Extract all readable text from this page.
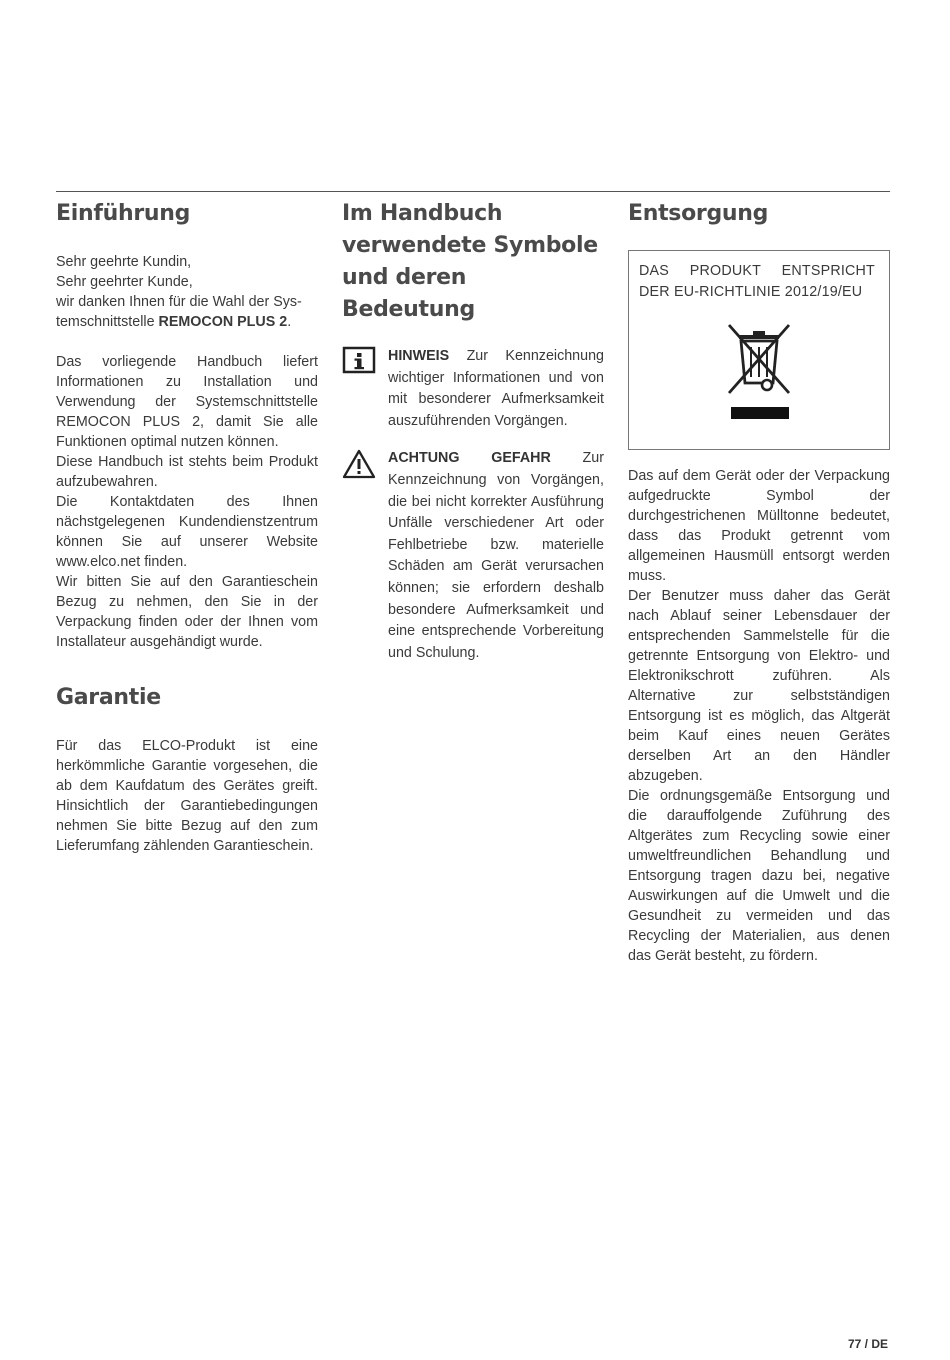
Einführung

Sehr geehrte Kundin,
Sehr geehrter Kunde,
wir danken Ihnen für die Wahl der Sys-temschnittstelle REMOCON PLUS 2.

Das vorliegende Handbuch liefert Informationen zu Installation und Verwendung der Systemschnittstelle REMOCON PLUS 2, damit Sie alle Funktionen optimal nutzen können.

Diese Handbuch ist stehts beim Produkt aufzubewahren.

Die Kontaktdaten des Ihnen nächstgelegenen Kundendienstzentrum können Sie auf unserer Website www.elco.net finden.

Wir bitten Sie auf den Garantieschein Bezug zu nehmen, den Sie in der Verpackung finden oder der Ihnen vom Installateur ausgehändigt wurde.

Garantie

Für das ELCO-Produkt ist eine herkömmliche Garantie vorgesehen, die ab dem Kaufdatum des Gerätes greift. Hinsichtlich der Garantiebedingungen nehmen Sie bitte Bezug auf den zum Lieferumfang zählenden Garantieschein.

Im Handbuch verwendete Symbole und deren Bedeutung
HINWEIS Zur Kennzeichnung wichtiger Informationen und von mit besonderer Aufmerksamkeit auszuführenden Vorgängen.
ACHTUNG GEFAHR Zur Kennzeichnung von Vorgängen, die bei nicht korrekter Ausführung Unfälle verschiedener Art oder Fehlbetriebe bzw. materielle Schäden am Gerät verursachen können; sie erfordern deshalb besondere Aufmerksamkeit und eine entsprechende Vorbereitung und Schulung.
Entsorgung

DAS PRODUKT ENTSPRICHT DER EU-RICHTLINIE 2012/19/EU

Das auf dem Gerät oder der Verpackung aufgedruckte Symbol der durchgestrichenen Mülltonne bedeutet, dass das Produkt getrennt vom allgemeinen Hausmüll entsorgt werden muss.

Der Benutzer muss daher das Gerät nach Ablauf seiner Lebensdauer der entsprechenden Sammelstelle für die getrennte Entsorgung von Elektro- und Elektronikschrott zuführen. Als Alternative zur selbstständigen Entsorgung ist es möglich, das Altgerät beim Kauf eines neuen Gerätes derselben Art an den Händler abzugeben.

Die ordnungsgemäße Entsorgung und die darauffolgende Zuführung des Altgerätes zum Recycling sowie einer umweltfreundlichen Behandlung und Entsorgung tragen dazu bei, negative Auswirkungen auf die Umwelt und die Gesundheit zu vermeiden und das Recycling der Materialien, aus denen das Gerät besteht, zu fördern.

77 / DE
